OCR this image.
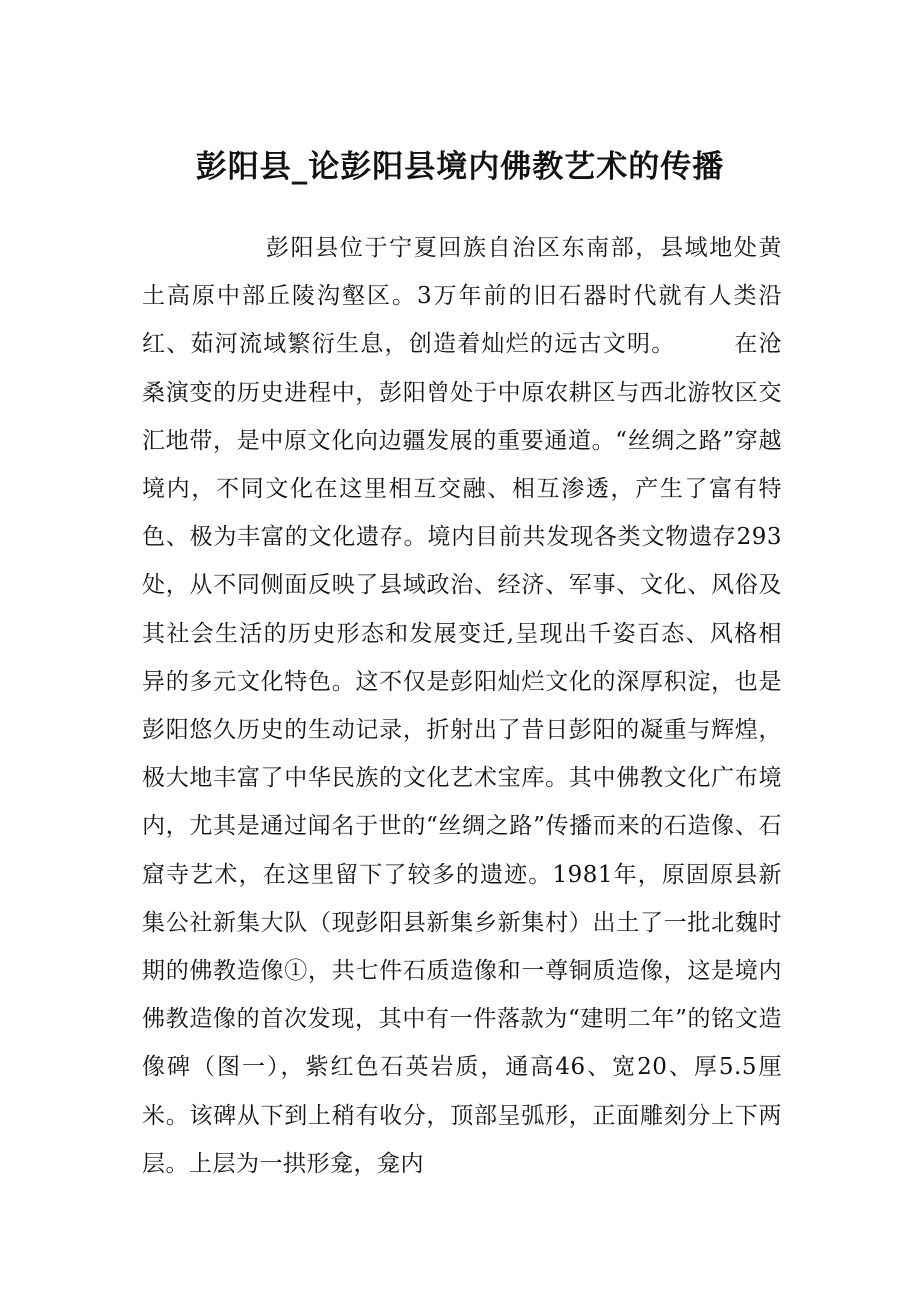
彭阳县_论彭阳县境内佛教艺术的传播

彭阳县位于宁夏回族自治区东南部，县域地处黄土高原中部丘陵沟壑区。3万年前的旧石器时代就有人类沿红、茹河流域繁衍生息，创造着灿烂的远古文明。	在沧桑演变的历史进程中，彭阳曾处于中原农耕区与西北游牧区交汇地带，是中原文化向边疆发展的重要通道。“丝绸之路”穿越境内，不同文化在这里相互交融、相互渗透，产生了富有特色、极为丰富的文化遗存。境内目前共发现各类文物遗存293处，从不同侧面反映了县域政治、经济、军事、文化、风俗及其社会生活的历史形态和发展变迁,呈现出千姿百态、风格相异的多元文化特色。这不仅是彭阳灿烂文化的深厚积淀，也是彭阳悠久历史的生动记录，折射出了昔日彭阳的凝重与辉煌，极大地丰富了中华民族的文化艺术宝库。其中佛教文化广布境内，尤其是通过闻名于世的“丝绸之路”传播而来的石造像、石窟寺艺术，在这里留下了较多的遗迹。1981年，原固原县新集公社新集大队（现彭阳县新集乡新集村）出土了一批北魏时期的佛教造像①，共七件石质造像和一尊铜质造像，这是境内佛教造像的首次发现，其中有一件落款为“建明二年”的铭文造像碑（图一），紫红色石英岩质，通高46、宽20、厚5.5厘米。该碑从下到上稍有收分，顶部呈弧形，正面雕刻分上下两层。上层为一拱形龛，龛内
